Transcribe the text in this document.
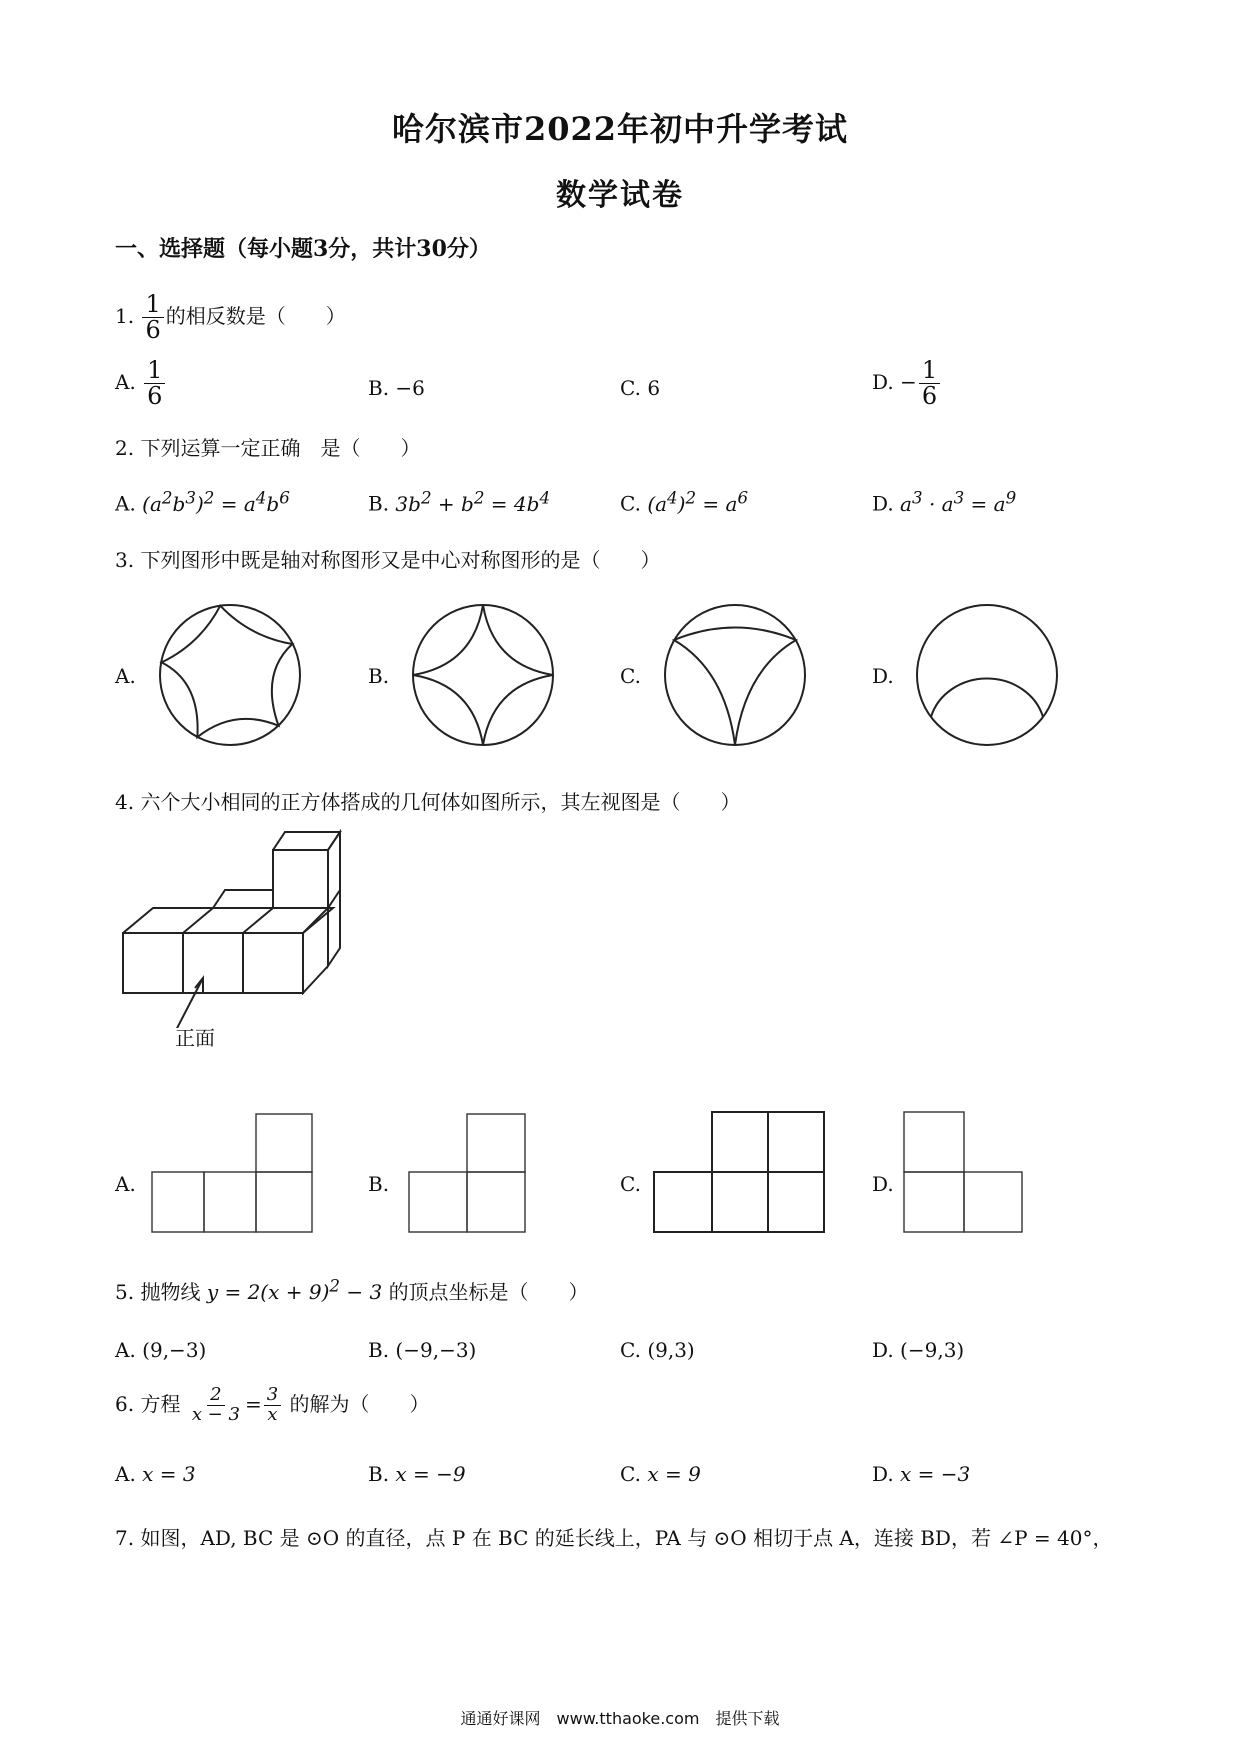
哈尔滨市2022年初中升学考试
数学试卷
一、选择题（每小题3分，共计30分）
1. $\frac{1}{6}$ 的相反数是（　　）
A. $\frac{1}{6}$	B. −6	C. 6	D. − $\frac{1}{6}$
2. 下列运算一定正确　是（　　）
A. $(a^2b^3)^2 = a^4b^6$	B. $3b^2 + b^2 = 4b^4$	C. $(a^4)^2 = a^6$	D. $a^3 \cdot a^3 = a^9$
3. 下列图形中既是轴对称图形又是中心对称图形的是（　　）
A.	B.	C.	D.
4. 六个大小相同的正方体搭成的几何体如图所示，其左视图是（　　）
正面
A.	B.	C.	D.
5. 抛物线 $y = 2(x + 9)^2 - 3$ 的顶点坐标是（　　）
A. (9,−3)	B. (−9,−3)	C. (9,3)	D. (−9,3)
6. 方程 $\frac{2}{x - 3} = \frac{3}{x}$ 的解为（　　）
A. x = 3	B. x = −9	C. x = 9	D. x = −3
7. 如图，AD, BC 是 ⊙O 的直径，点 P 在 BC 的延长线上，PA 与 ⊙O 相切于点 A，连接 BD，若 ∠P = 40°，
通通好课网　www.tthaoke.com　提供下载
